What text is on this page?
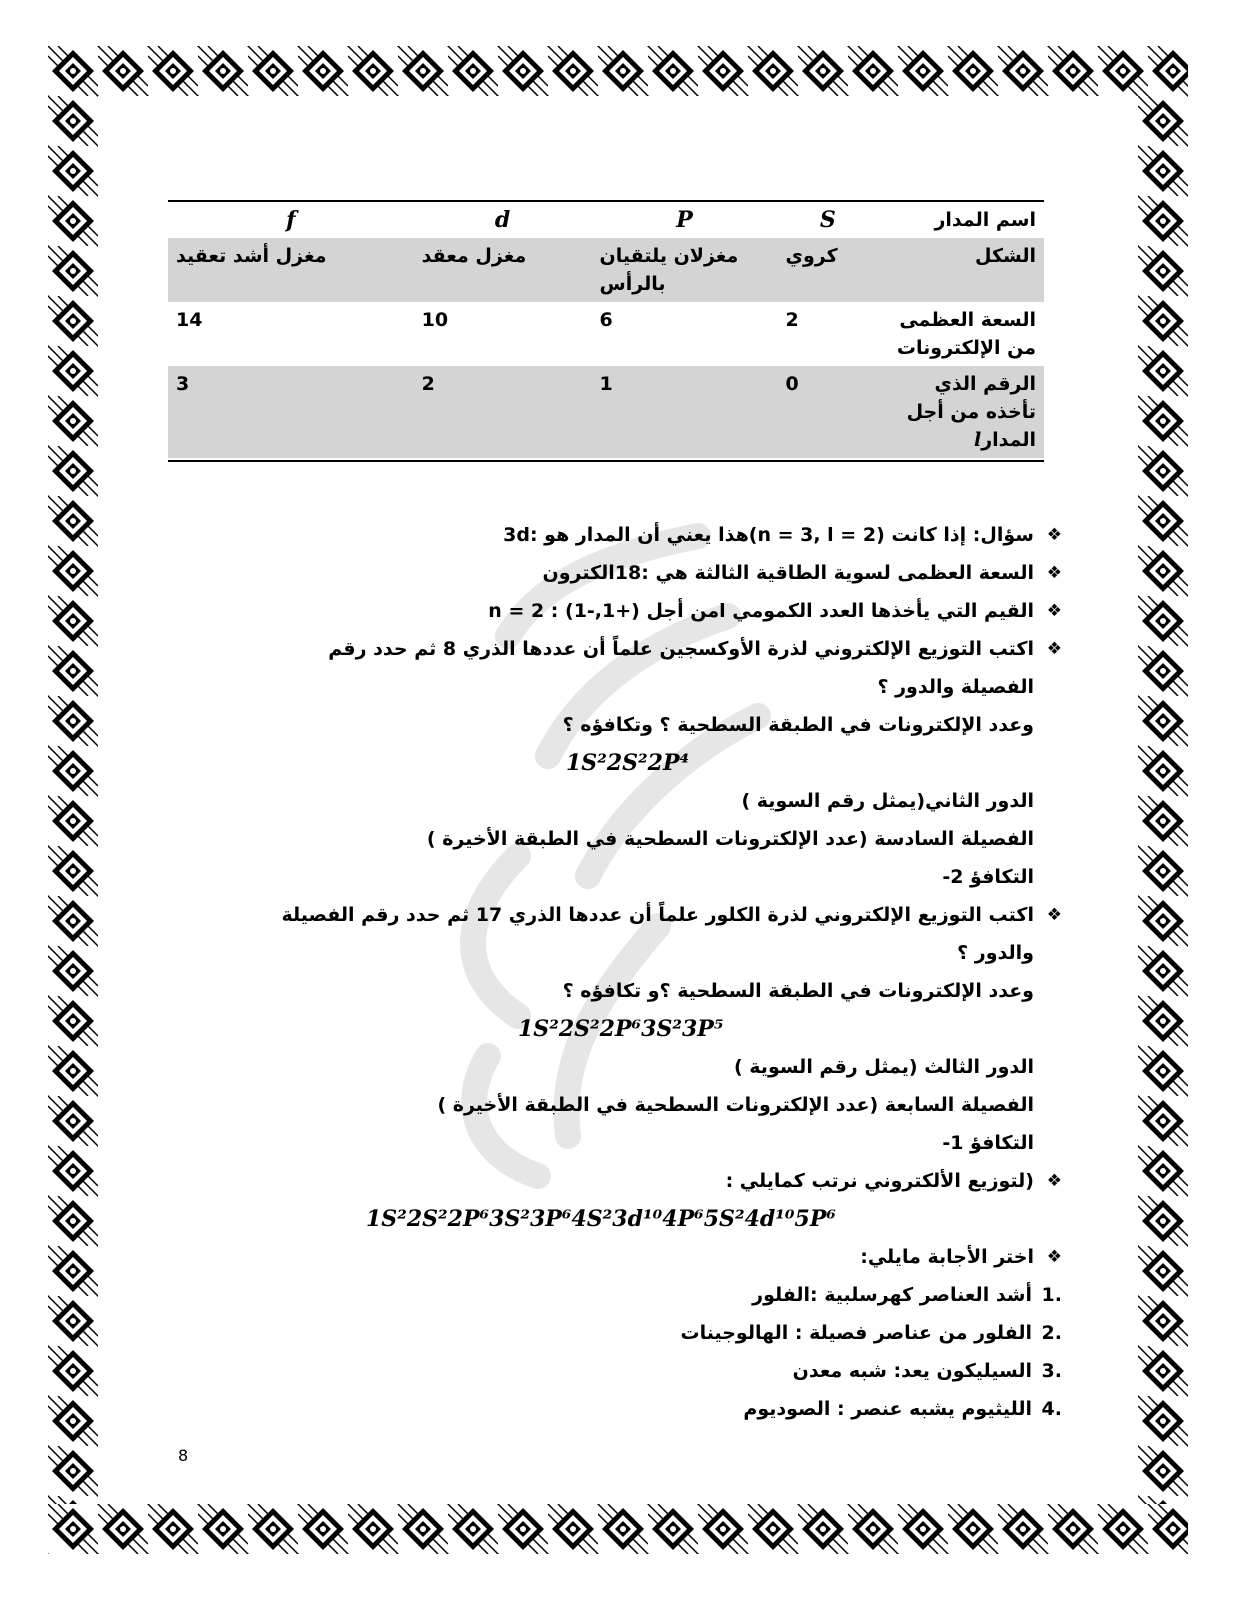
اسم المدار	S	P	d	f
الشكل	كروي	مغزلان يلتقيان بالرأس	مغزل معقد	مغزل أشد تعقيد
السعة العظمى من الإلكترونات	2	6	10	14
الرقم الذي تأخذه من أجل المدارl	0	1	2	3
❖ سؤال: إذا كانت (n = 3, l = 2)هذا يعني أن المدار هو :3d
❖ السعة العظمى لسوية الطاقية الثالثة هي :18الكترون
❖ القيم التي يأخذها العدد الكمومي lمن أجل n = 2 : (1-,1+)
❖ اكتب التوزيع الإلكتروني لذرة الأوكسجين علماً أن عددها الذري 8 ثم حدد رقم
الفصيلة والدور ؟
وعدد الإلكترونات في الطبقة السطحية ؟ وتكافؤه ؟
1S²2S²2P⁴
الدور الثاني(يمثل رقم السوية )
الفصيلة السادسة (عدد الإلكترونات السطحية في الطبقة الأخيرة )
التكافؤ 2-
❖ اكتب التوزيع الإلكتروني لذرة الكلور علماً أن عددها الذري 17 ثم حدد رقم الفصيلة
والدور ؟
وعدد الإلكترونات في الطبقة السطحية ؟و تكافؤه ؟
1S²2S²2P⁶3S²3P⁵
الدور الثالث (يمثل رقم السوية )
الفصيلة السابعة (عدد الإلكترونات السطحية في الطبقة الأخيرة )
التكافؤ 1-
❖ (لتوزيع الألكتروني نرتب كمايلي :
1S²2S²2P⁶3S²3P⁶4S²3d¹⁰4P⁶5S²4d¹⁰5P⁶
❖ اختر الأجابة مايلي:
1.
أشد العناصر كهرسلبية :الفلور
2.
الفلور من عناصر فصيلة : الهالوجينات
3.
السيليكون يعد: شبه معدن
4.
الليثيوم يشبه عنصر : الصوديوم
8
